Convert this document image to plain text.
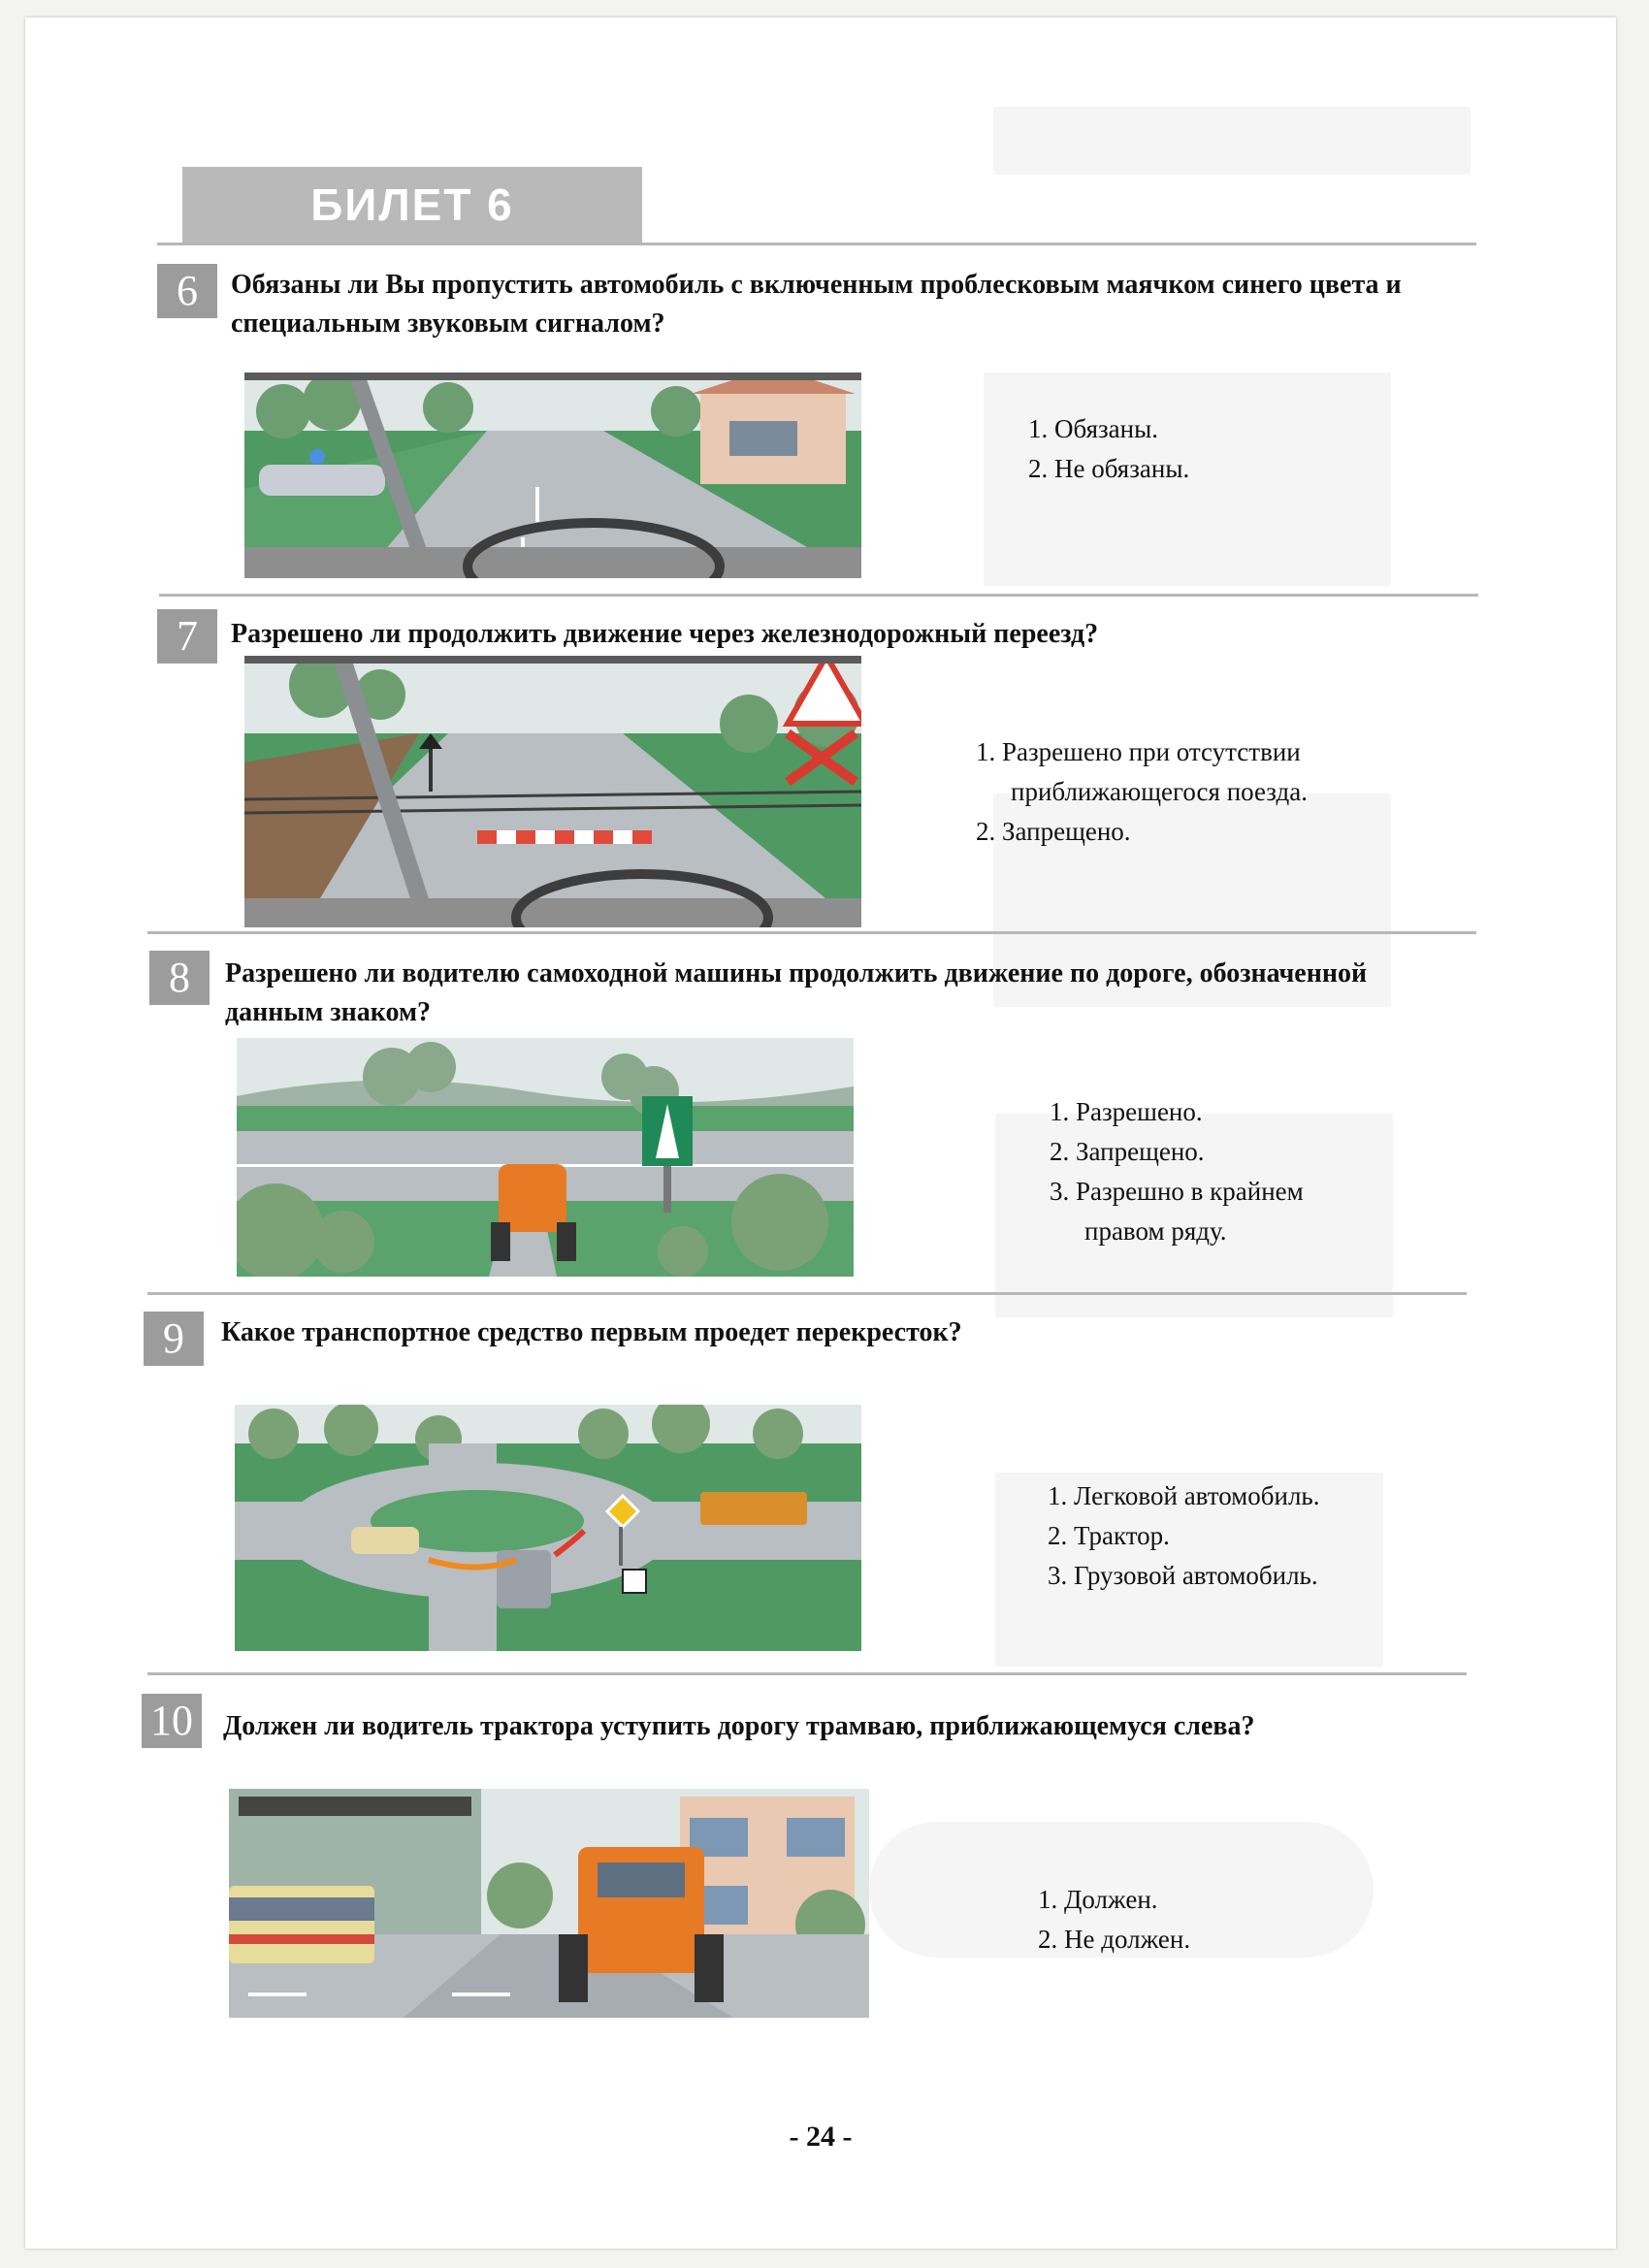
БИЛЕТ 6
6	Обязаны ли Вы пропустить автомобиль с включенным проблесковым маячком синего цвета и специальным звуковым сигналом?
1. Обязаны.
2. Не обязаны.
7	Разрешено ли продолжить движение через железнодорожный переезд?
1. Разрешено при отсутствии
приближающегося поезда.
2. Запрещено.
8	Разрешено ли водителю самоходной машины продолжить движение по дороге, обозначенной данным знаком?
1. Разрешено.
2. Запрещено.
3. Разрешно в крайнем
правом ряду.
9	Какое транспортное средство первым проедет перекресток?
1. Легковой автомобиль.
2. Трактор.
3. Грузовой автомобиль.
10	Должен ли водитель трактора уступить дорогу трамваю, приближающемуся слева?
1. Должен.
2. Не должен.
- 24 -
